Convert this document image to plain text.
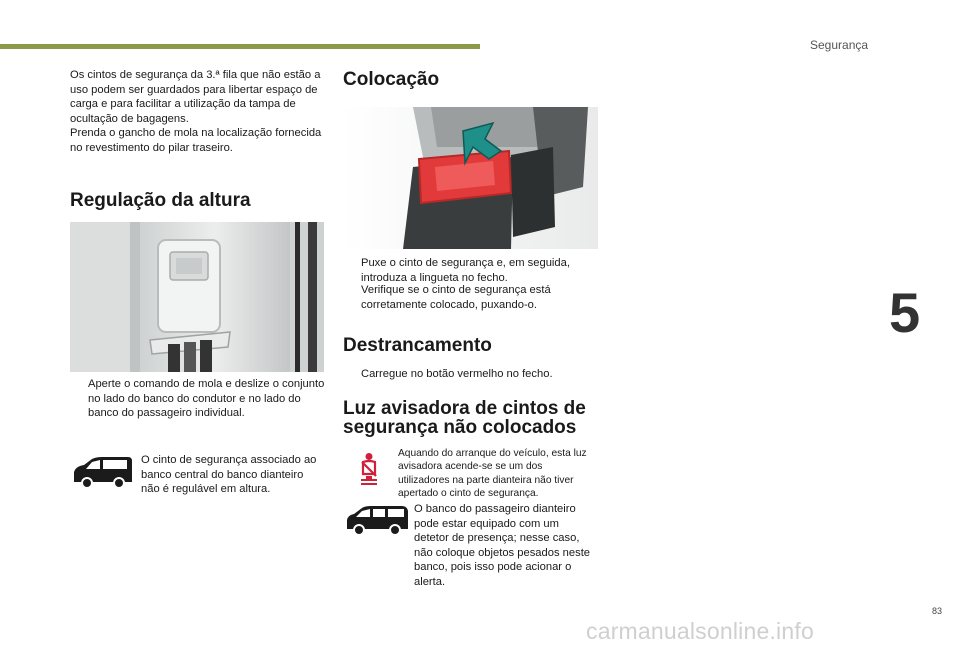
Segurança
5
Os cintos de segurança da 3.ª fila que não estão a uso podem ser guardados para libertar espaço de carga e para facilitar a utilização da tampa de ocultação de bagagens.
Prenda o gancho de mola na localização fornecida no revestimento do pilar traseiro.
Regulação da altura
Aperte o comando de mola e deslize o conjunto no lado do banco do condutor e no lado do banco do passageiro individual.
O cinto de segurança associado ao banco central do banco dianteiro não é regulável em altura.
Colocação
Puxe o cinto de segurança e, em seguida, introduza a lingueta no fecho.
Verifique se o cinto de segurança está corretamente colocado, puxando-o.
Destrancamento
Carregue no botão vermelho no fecho.
Luz avisadora de cintos de
segurança não colocados
Aquando do arranque do veículo, esta luz avisadora acende-se se um dos utilizadores na parte dianteira não tiver apertado o cinto de segurança.
O banco do passageiro dianteiro pode estar equipado com um detetor de presença; nesse caso, não coloque objetos pesados neste banco, pois isso pode acionar o alerta.
83
carmanualsonline.info
